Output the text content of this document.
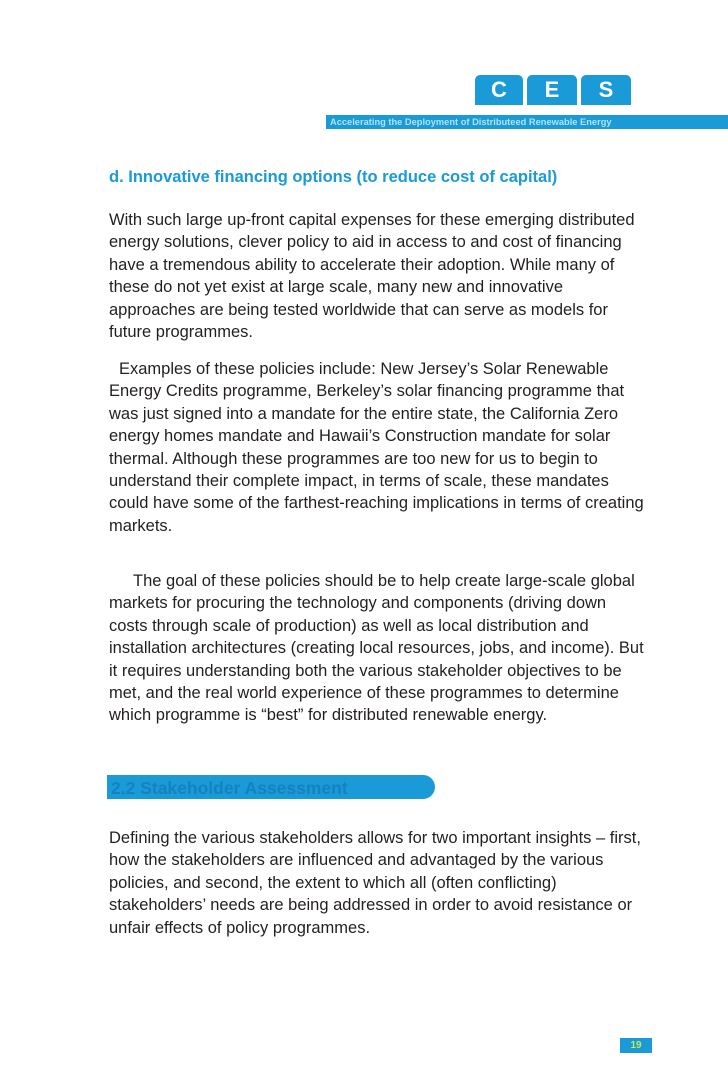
C	E	S
Accelerating the Deployment of Distributeed Renewable Energy
d. Innovative financing options (to reduce cost of capital)

With such large up-front capital expenses for these emerging distributed energy solutions, clever policy to aid in access to and cost of financing have a tremendous ability to accelerate their adoption. While many of these do not yet exist at large scale, many new and innovative approaches are being tested worldwide that can serve as models for future programmes.

Examples of these policies include: New Jersey’s Solar Renewable Energy Credits programme, Berkeley’s solar financing programme that was just signed into a mandate for the entire state, the California Zero energy homes mandate and Hawaii’s Construction mandate for solar thermal. Although these programmes are too new for us to begin to understand their complete impact, in terms of scale, these mandates could have some of the farthest-reaching implications in terms of creating markets.

The goal of these policies should be to help create large-scale global markets for procuring the technology and components (driving down costs through scale of production) as well as local distribution and installation architectures (creating local resources, jobs, and income). But it requires understanding both the various stakeholder objectives to be met, and the real world experience of these programmes to determine which programme is “best” for distributed renewable energy.

2.2 Stakeholder Assessment

Defining the various stakeholders allows for two important insights – first, how the stakeholders are influenced and advantaged by the various policies, and second, the extent to which all (often conflicting) stakeholders’ needs are being addressed in order to avoid resistance or unfair effects of policy programmes.

19
